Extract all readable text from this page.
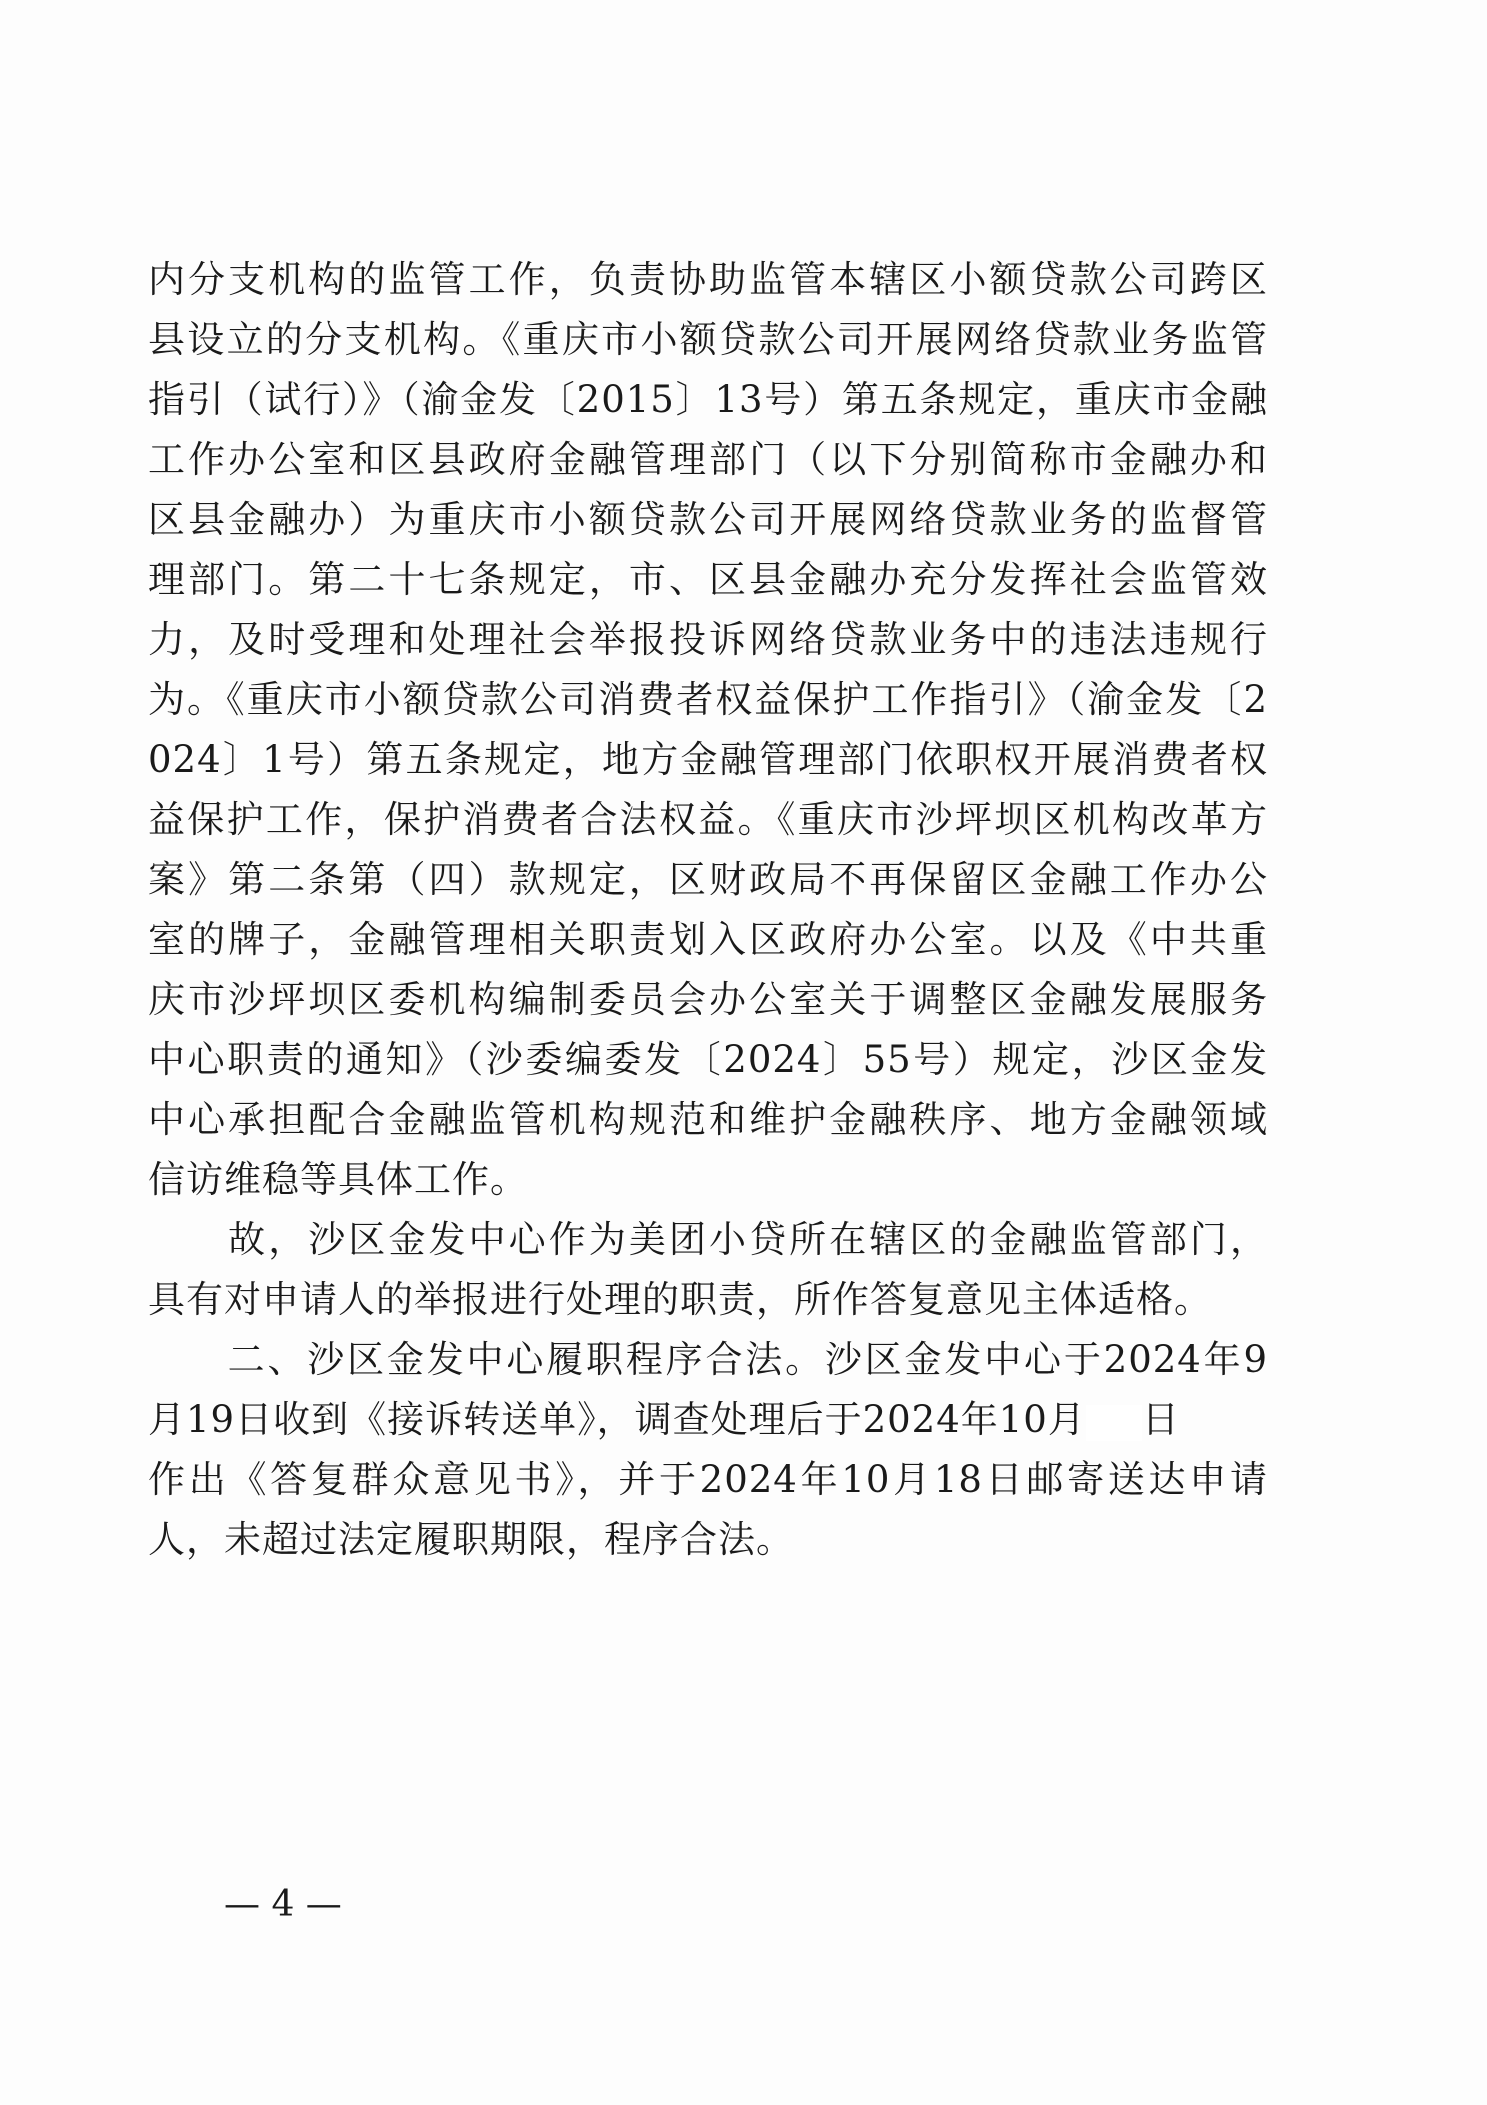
内分支机构的监管工作，负责协助监管本辖区小额贷款公司跨区
县设立的分支机构。《重庆市小额贷款公司开展网络贷款业务监管
指引（试行）》（渝金发〔2015〕13号）第五条规定，重庆市金融
工作办公室和区县政府金融管理部门（以下分别简称市金融办和
区县金融办）为重庆市小额贷款公司开展网络贷款业务的监督管
理部门。第二十七条规定，市、区县金融办充分发挥社会监管效
力，及时受理和处理社会举报投诉网络贷款业务中的违法违规行
为。《重庆市小额贷款公司消费者权益保护工作指引》（渝金发〔2
024〕1号）第五条规定，地方金融管理部门依职权开展消费者权
益保护工作，保护消费者合法权益。《重庆市沙坪坝区机构改革方
案》第二条第（四）款规定，区财政局不再保留区金融工作办公
室的牌子，金融管理相关职责划入区政府办公室。以及《中共重
庆市沙坪坝区委机构编制委员会办公室关于调整区金融发展服务
中心职责的通知》（沙委编委发〔2024〕55号）规定，沙区金发
中心承担配合金融监管机构规范和维护金融秩序、地方金融领域
信访维稳等具体工作。
　　故，沙区金发中心作为美团小贷所在辖区的金融监管部门，
具有对申请人的举报进行处理的职责，所作答复意见主体适格。
　　二、沙区金发中心履职程序合法。沙区金发中心于2024年9
月19日收到《接诉转送单》，调查处理后于2024年10月 日
作出《答复群众意见书》，并于2024年10月18日邮寄送达申请
人，未超过法定履职期限，程序合法。
— 4 —
